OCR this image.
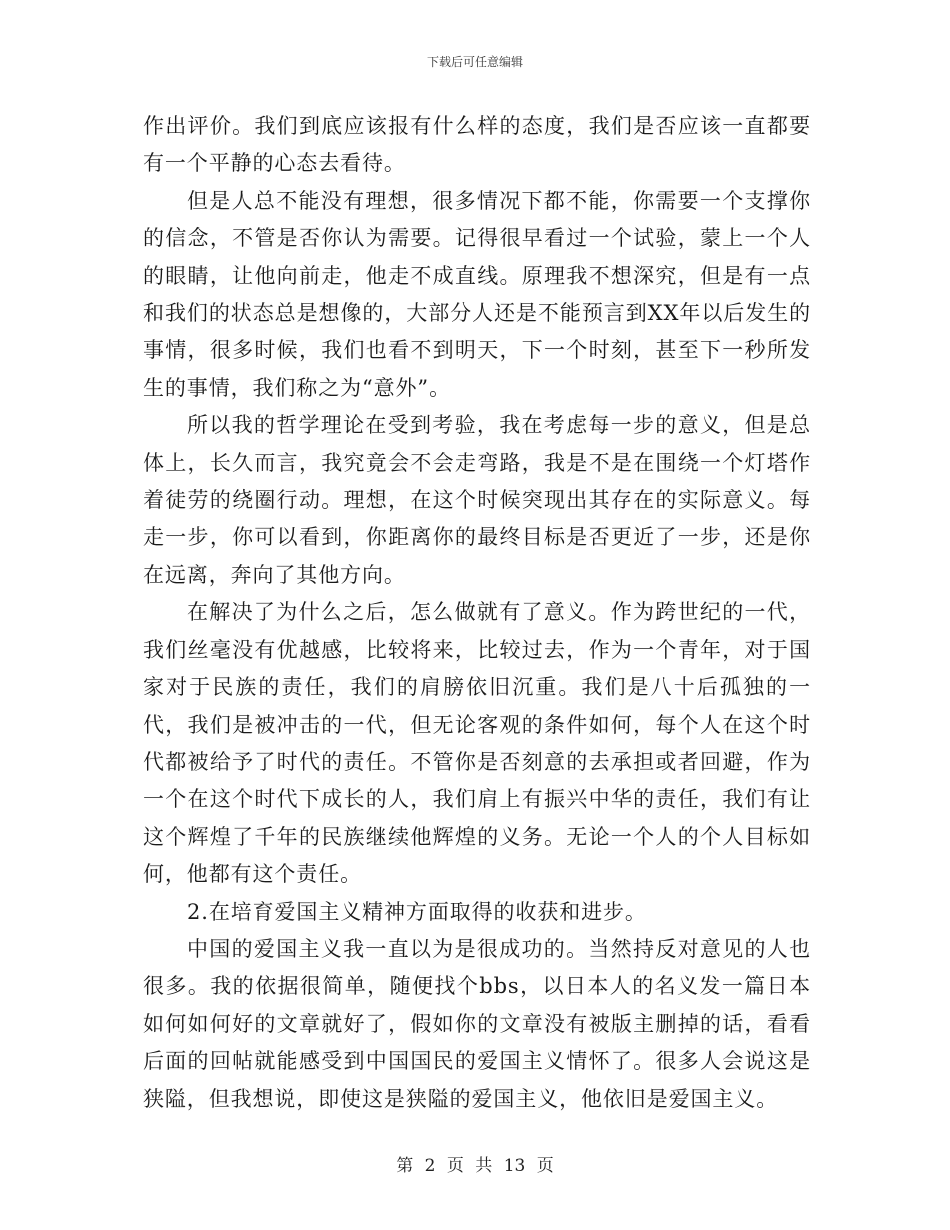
下载后可任意编辑

作出评价。我们到底应该报有什么样的态度，我们是否应该一直都要有一个平静的心态去看待。

但是人总不能没有理想，很多情况下都不能，你需要一个支撑你的信念，不管是否你认为需要。记得很早看过一个试验，蒙上一个人的眼睛，让他向前走，他走不成直线。原理我不想深究，但是有一点和我们的状态总是想像的，大部分人还是不能预言到XX年以后发生的事情，很多时候，我们也看不到明天，下一个时刻，甚至下一秒所发生的事情，我们称之为“意外”。

所以我的哲学理论在受到考验，我在考虑每一步的意义，但是总体上，长久而言，我究竟会不会走弯路，我是不是在围绕一个灯塔作着徒劳的绕圈行动。理想，在这个时候突现出其存在的实际意义。每走一步，你可以看到，你距离你的最终目标是否更近了一步，还是你在远离，奔向了其他方向。

在解决了为什么之后，怎么做就有了意义。作为跨世纪的一代，我们丝毫没有优越感，比较将来，比较过去，作为一个青年，对于国家对于民族的责任，我们的肩膀依旧沉重。我们是八十后孤独的一代，我们是被冲击的一代，但无论客观的条件如何，每个人在这个时代都被给予了时代的责任。不管你是否刻意的去承担或者回避，作为一个在这个时代下成长的人，我们肩上有振兴中华的责任，我们有让这个辉煌了千年的民族继续他辉煌的义务。无论一个人的个人目标如何，他都有这个责任。

2.在培育爱国主义精神方面取得的收获和进步。

中国的爱国主义我一直以为是很成功的。当然持反对意见的人也很多。我的依据很简单，随便找个bbs，以日本人的名义发一篇日本如何如何好的文章就好了，假如你的文章没有被版主删掉的话，看看后面的回帖就能感受到中国国民的爱国主义情怀了。很多人会说这是狭隘，但我想说，即使这是狭隘的爱国主义，他依旧是爱国主义。

第 2 页 共 13 页
